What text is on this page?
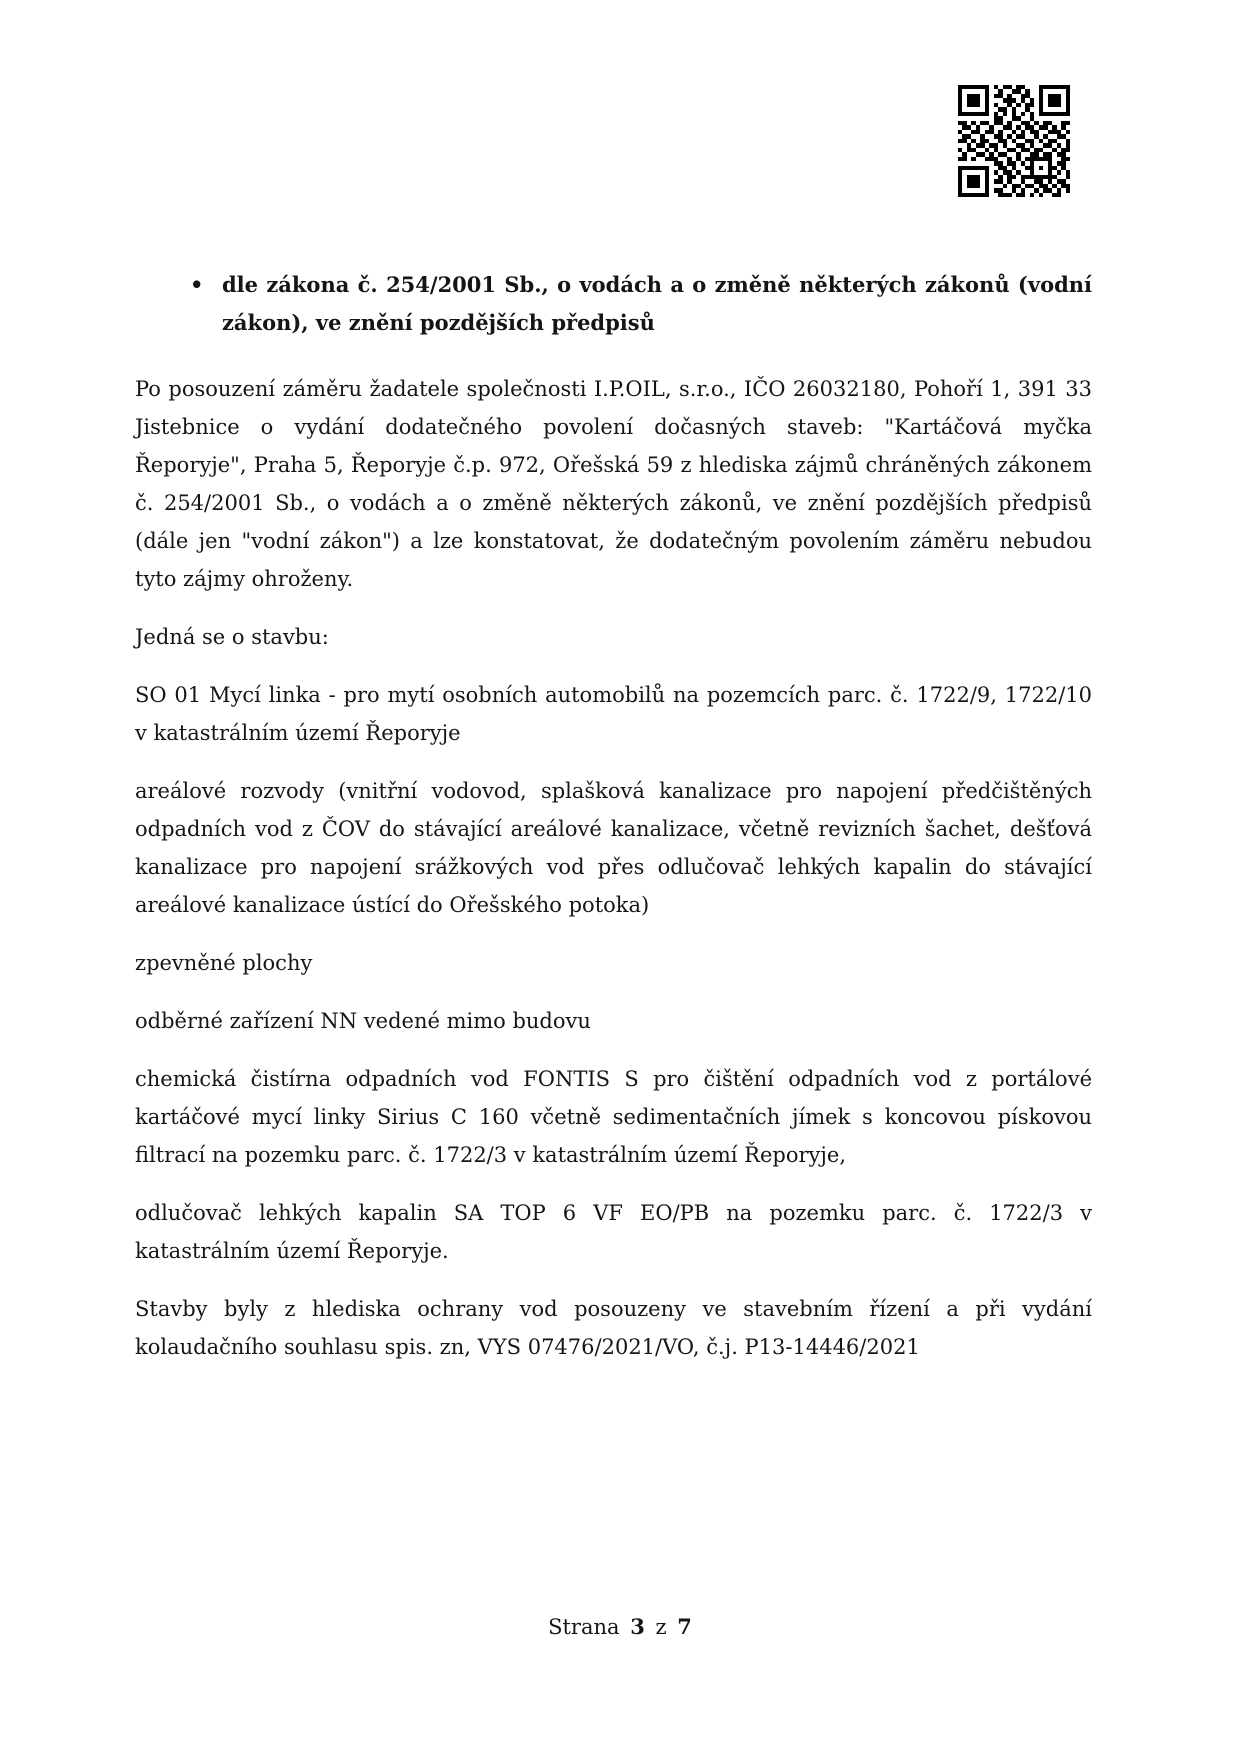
• dle zákona č. 254/2001 Sb., o vodách a o změně některých zákonů (vodní zákon), ve znění pozdějších předpisů

Po posouzení záměru žadatele společnosti I.P.OIL, s.r.o., IČO 26032180, Pohoří 1, 391 33 Jistebnice o vydání dodatečného povolení dočasných staveb: "Kartáčová myčka Řeporyje", Praha 5, Řeporyje č.p. 972, Ořešská 59 z hlediska zájmů chráněných zákonem č. 254/2001 Sb., o vodách a o změně některých zákonů, ve znění pozdějších předpisů (dále jen "vodní zákon") a lze konstatovat, že dodatečným povolením záměru nebudou tyto zájmy ohroženy.

Jedná se o stavbu:

SO 01 Mycí linka - pro mytí osobních automobilů na pozemcích parc. č. 1722/9, 1722/10 v katastrálním území Řeporyje

areálové rozvody (vnitřní vodovod, splašková kanalizace pro napojení předčištěných odpadních vod z ČOV do stávající areálové kanalizace, včetně revizních šachet, dešťová kanalizace pro napojení srážkových vod přes odlučovač lehkých kapalin do stávající areálové kanalizace ústící do Ořešského potoka)

zpevněné plochy

odběrné zařízení NN vedené mimo budovu

chemická čistírna odpadních vod FONTIS S pro čištění odpadních vod z portálové kartáčové mycí linky Sirius C 160 včetně sedimentačních jímek s koncovou pískovou filtrací na pozemku parc. č. 1722/3 v katastrálním území Řeporyje,

odlučovač lehkých kapalin SA TOP 6 VF EO/PB na pozemku parc. č. 1722/3 v katastrálním území Řeporyje.

Stavby byly z hlediska ochrany vod posouzeny ve stavebním řízení a při vydání kolaudačního souhlasu spis. zn, VYS 07476/2021/VO, č.j. P13-14446/2021

Strana 3 z 7
